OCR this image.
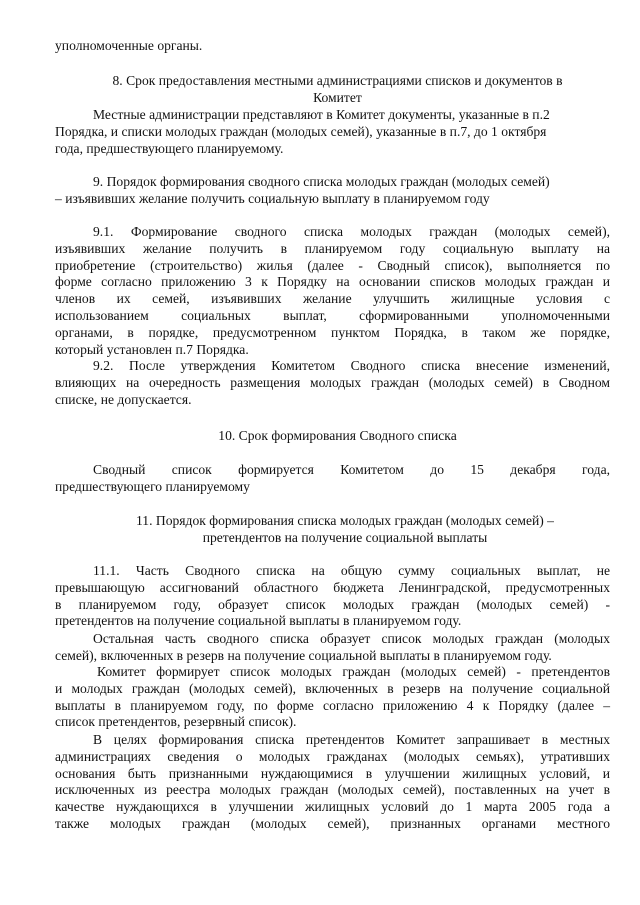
уполномоченные органы.

8. Срок предоставления местными администрациями списков и документов в
Комитет
Местные администрации представляют в Комитет документы, указанные в п.2
Порядка, и списки молодых граждан (молодых семей), указанные в п.7, до 1 октября
года, предшествующего планируемому.
9. Порядок формирования сводного списка молодых граждан (молодых семей)
– изъявивших желание получить социальную выплату в планируемом году
9.1. Формирование сводного списка молодых граждан (молодых семей),
изъявивших желание получить в планируемом году социальную выплату на
приобретение (строительство) жилья (далее - Сводный список), выполняется по
форме согласно приложению 3 к Порядку на основании списков молодых граждан и
членов их семей, изъявивших желание улучшить жилищные условия с
использованием социальных выплат, сформированными уполномоченными
органами, в порядке, предусмотренном пунктом Порядка, в таком же порядке,
который установлен п.7 Порядка.
9.2. После утверждения Комитетом Сводного списка внесение изменений,
влияющих на очередность размещения молодых граждан (молодых семей) в Сводном
списке, не допускается.
10. Срок формирования Сводного списка
Сводный список формируется Комитетом до 15 декабря года,
предшествующего планируемому
11. Порядок формирования списка молодых граждан (молодых семей) –
претендентов на получение социальной выплаты
11.1. Часть Сводного списка на общую сумму социальных выплат, не
превышающую ассигнований областного бюджета Ленинградской, предусмотренных
в планируемом году, образует список молодых граждан (молодых семей) -
претендентов на получение социальной выплаты в планируемом году.
Остальная часть сводного списка образует список молодых граждан (молодых
семей), включенных в резерв на получение социальной выплаты в планируемом году.
Комитет формирует список молодых граждан (молодых семей) - претендентов
и молодых граждан (молодых семей), включенных в резерв на получение социальной
выплаты в планируемом году, по форме согласно приложению 4 к Порядку (далее –
список претендентов, резервный список).
В целях формирования списка претендентов Комитет запрашивает в местных
администрациях сведения о молодых гражданах (молодых семьях), утративших
основания быть признанными нуждающимися в улучшении жилищных условий, и
исключенных из реестра молодых граждан (молодых семей), поставленных на учет в
качестве нуждающихся в улучшении жилищных условий до 1 марта 2005 года а
также молодых граждан (молодых семей), признанных органами местного
